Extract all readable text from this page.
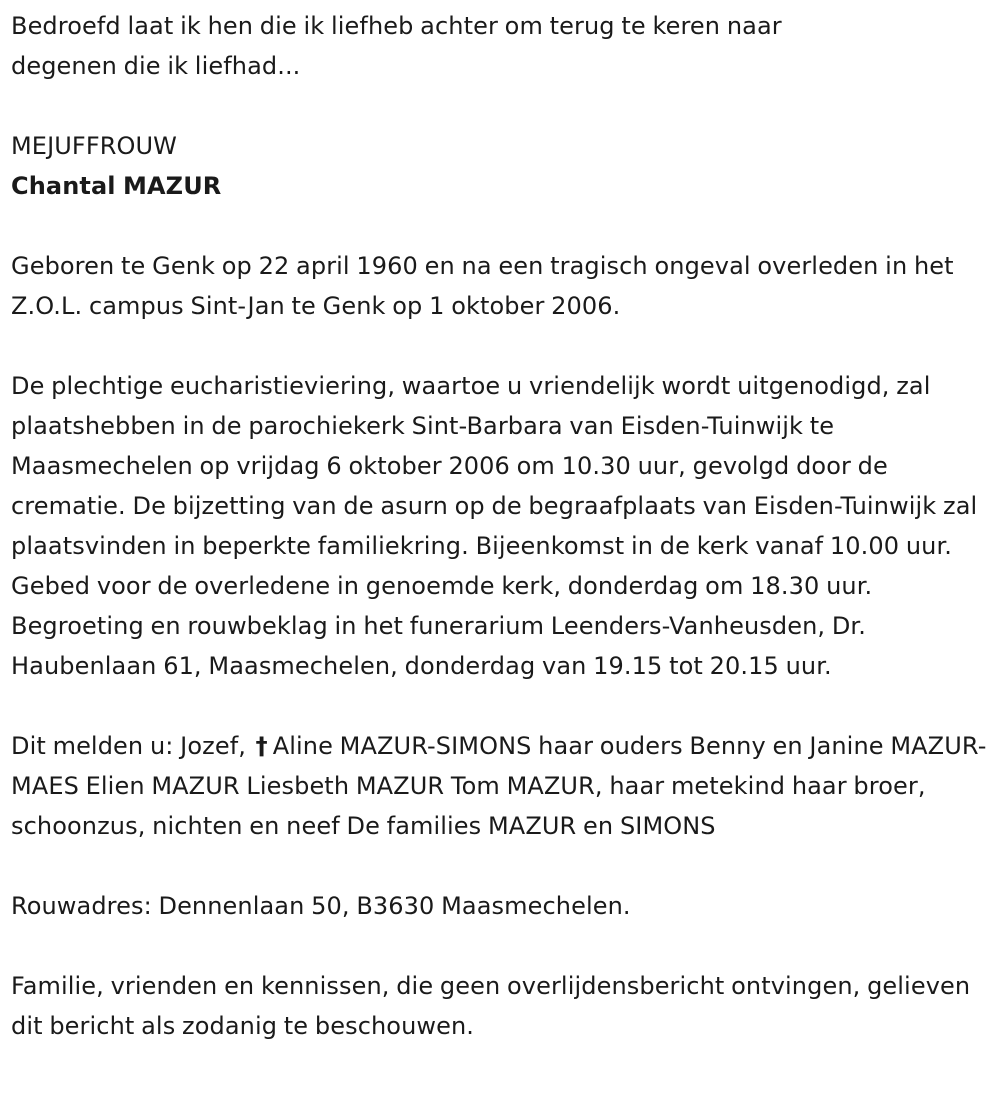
Bedroefd laat ik hen die ik liefheb achter om terug te keren naar

degenen die ik liefhad...

MEJUFFROUW

Chantal MAZUR

Geboren te Genk op 22 april 1960 en na een tragisch ongeval overleden in het Z.O.L. campus Sint-Jan te Genk op 1 oktober 2006.

De plechtige eucharistieviering, waartoe u vriendelijk wordt uitgenodigd, zal plaatshebben in de parochiekerk Sint-Barbara van Eisden-Tuinwijk te Maasmechelen op vrijdag 6 oktober 2006 om 10.30 uur, gevolgd door de crematie. De bijzetting van de asurn op de begraafplaats van Eisden-Tuinwijk zal plaatsvinden in beperkte familiekring. Bijeenkomst in de kerk vanaf 10.00 uur. Gebed voor de overledene in genoemde kerk, donderdag om 18.30 uur. Begroeting en rouwbeklag in het funerarium Leenders-Vanheusden, Dr. Haubenlaan 61, Maasmechelen, donderdag van 19.15 tot 20.15 uur.

Dit melden u: Jozef, † Aline MAZUR-SIMONS haar ouders Benny en Janine MAZUR-MAES Elien MAZUR Liesbeth MAZUR Tom MAZUR, haar metekind haar broer, schoonzus, nichten en neef De families MAZUR en SIMONS

Rouwadres: Dennenlaan 50, B3630 Maasmechelen.

Familie, vrienden en kennissen, die geen overlijdensbericht ontvingen, gelieven dit bericht als zodanig te beschouwen.
